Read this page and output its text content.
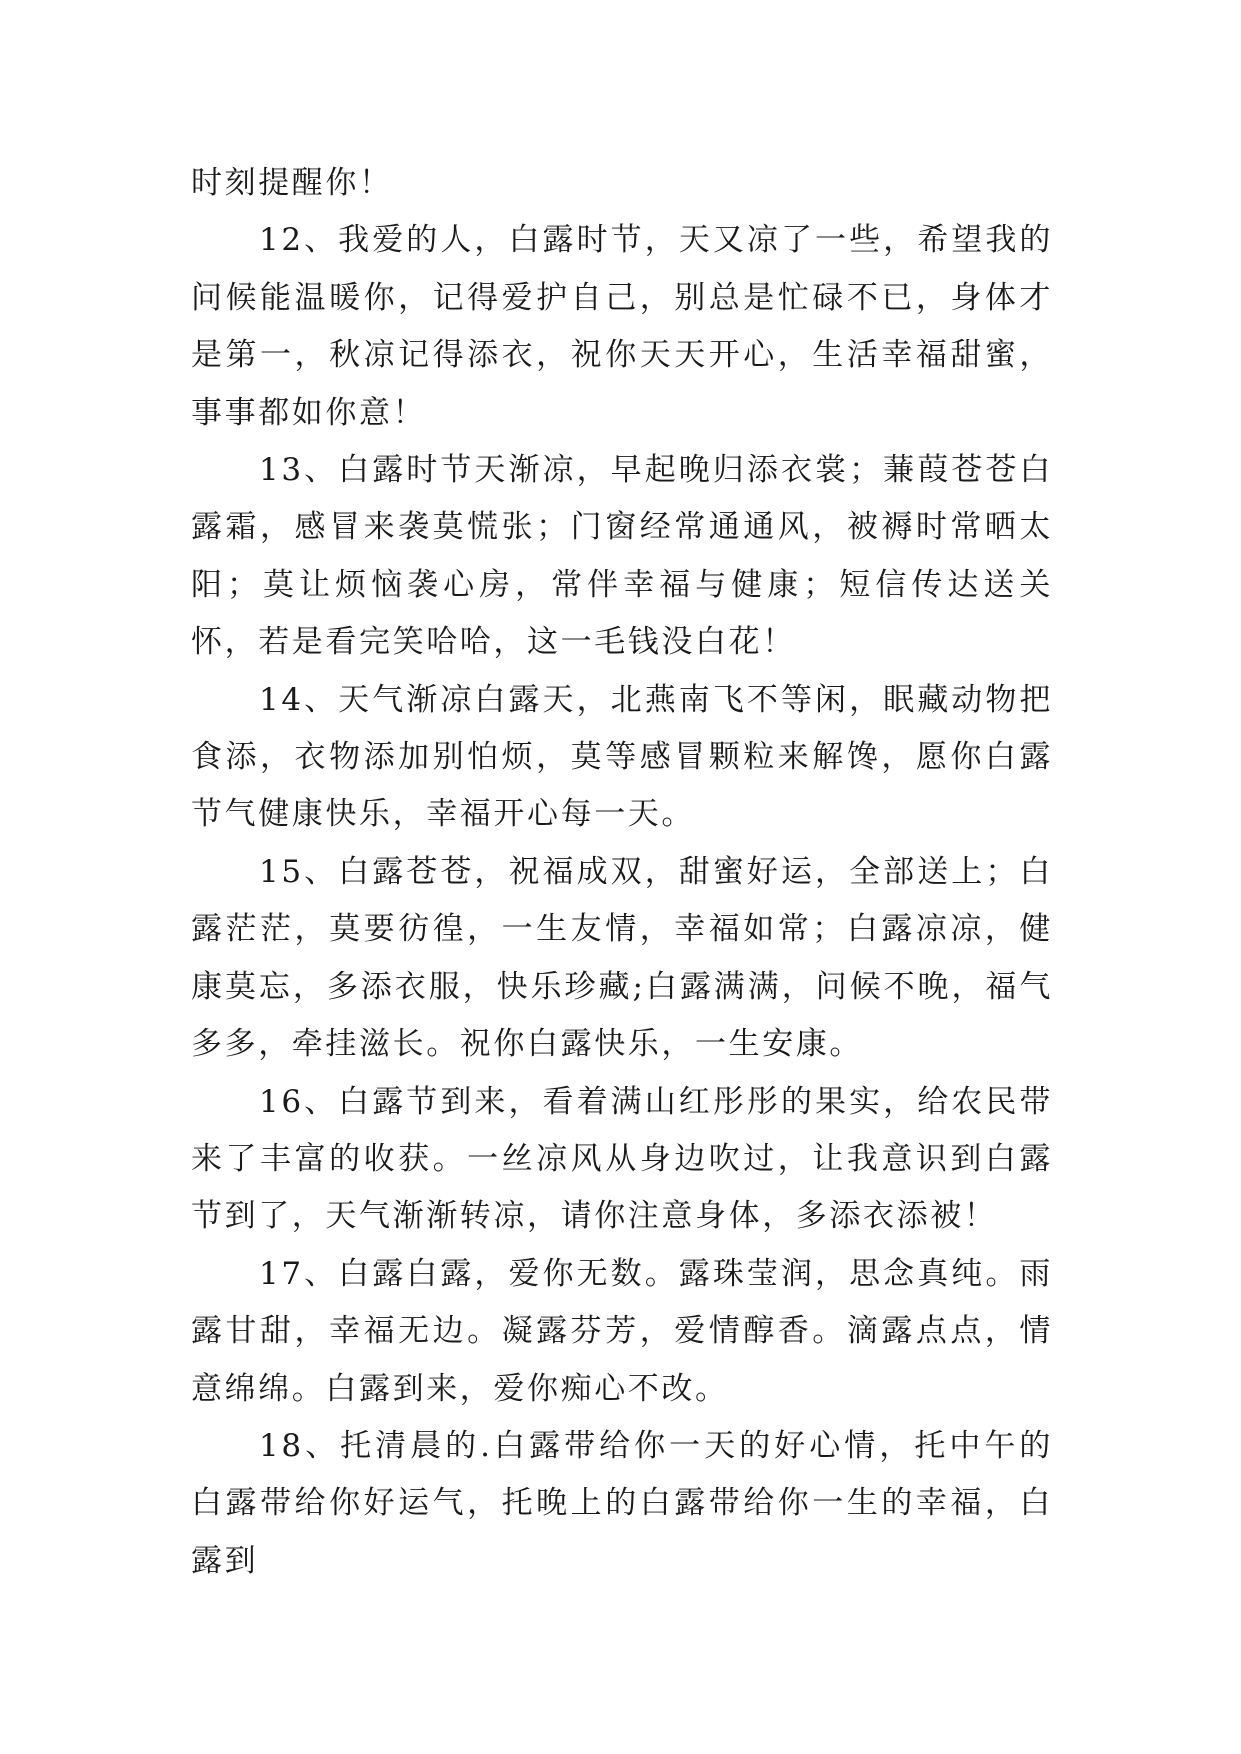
时刻提醒你！

12、我爱的人，白露时节，天又凉了一些，希望我的问候能温暖你，记得爱护自己，别总是忙碌不已，身体才是第一，秋凉记得添衣，祝你天天开心，生活幸福甜蜜，事事都如你意！

13、白露时节天渐凉，早起晚归添衣裳；蒹葭苍苍白露霜，感冒来袭莫慌张；门窗经常通通风，被褥时常晒太阳；莫让烦恼袭心房，常伴幸福与健康；短信传达送关怀，若是看完笑哈哈，这一毛钱没白花！

14、天气渐凉白露天，北燕南飞不等闲，眠藏动物把食添，衣物添加别怕烦，莫等感冒颗粒来解馋，愿你白露节气健康快乐，幸福开心每一天。

15、白露苍苍，祝福成双，甜蜜好运，全部送上；白露茫茫，莫要彷徨，一生友情，幸福如常；白露凉凉，健康莫忘，多添衣服，快乐珍藏;白露满满，问候不晚，福气多多，牵挂滋长。祝你白露快乐，一生安康。

16、白露节到来，看着满山红彤彤的果实，给农民带来了丰富的收获。一丝凉风从身边吹过，让我意识到白露节到了，天气渐渐转凉，请你注意身体，多添衣添被！

17、白露白露，爱你无数。露珠莹润，思念真纯。雨露甘甜，幸福无边。凝露芬芳，爱情醇香。滴露点点，情意绵绵。白露到来，爱你痴心不改。

18、托清晨的.白露带给你一天的好心情，托中午的白露带给你好运气，托晚上的白露带给你一生的幸福，白露到
